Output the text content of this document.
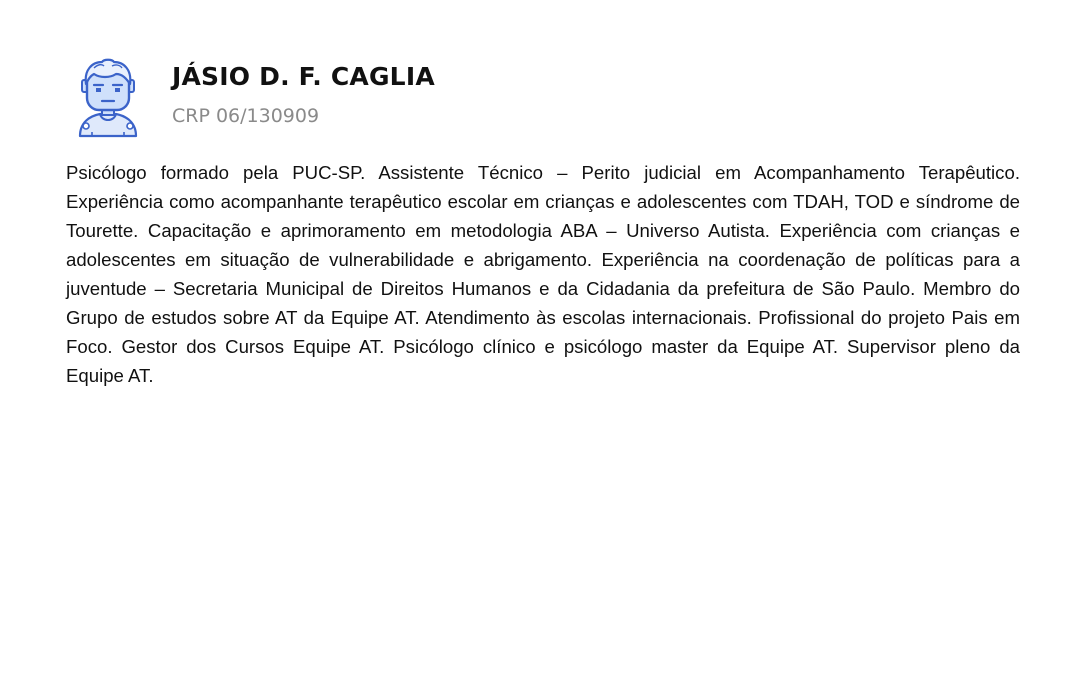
JÁSIO D. F. CAGLIA
CRP 06/130909

Psicólogo formado pela PUC-SP. Assistente Técnico – Perito judicial em Acompanhamento Terapêutico. Experiência como acompanhante terapêutico escolar em crianças e adolescentes com TDAH, TOD e síndrome de Tourette. Capacitação e aprimoramento em metodologia ABA – Universo Autista. Experiência com crianças e adolescentes em situação de vulnerabilidade e abrigamento. Experiência na coordenação de políticas para a juventude – Secretaria Municipal de Direitos Humanos e da Cidadania da prefeitura de São Paulo. Membro do Grupo de estudos sobre AT da Equipe AT. Atendimento às escolas internacionais. Profissional do projeto Pais em Foco. Gestor dos Cursos Equipe AT. Psicólogo clínico e psicólogo master da Equipe AT. Supervisor pleno da Equipe AT.
